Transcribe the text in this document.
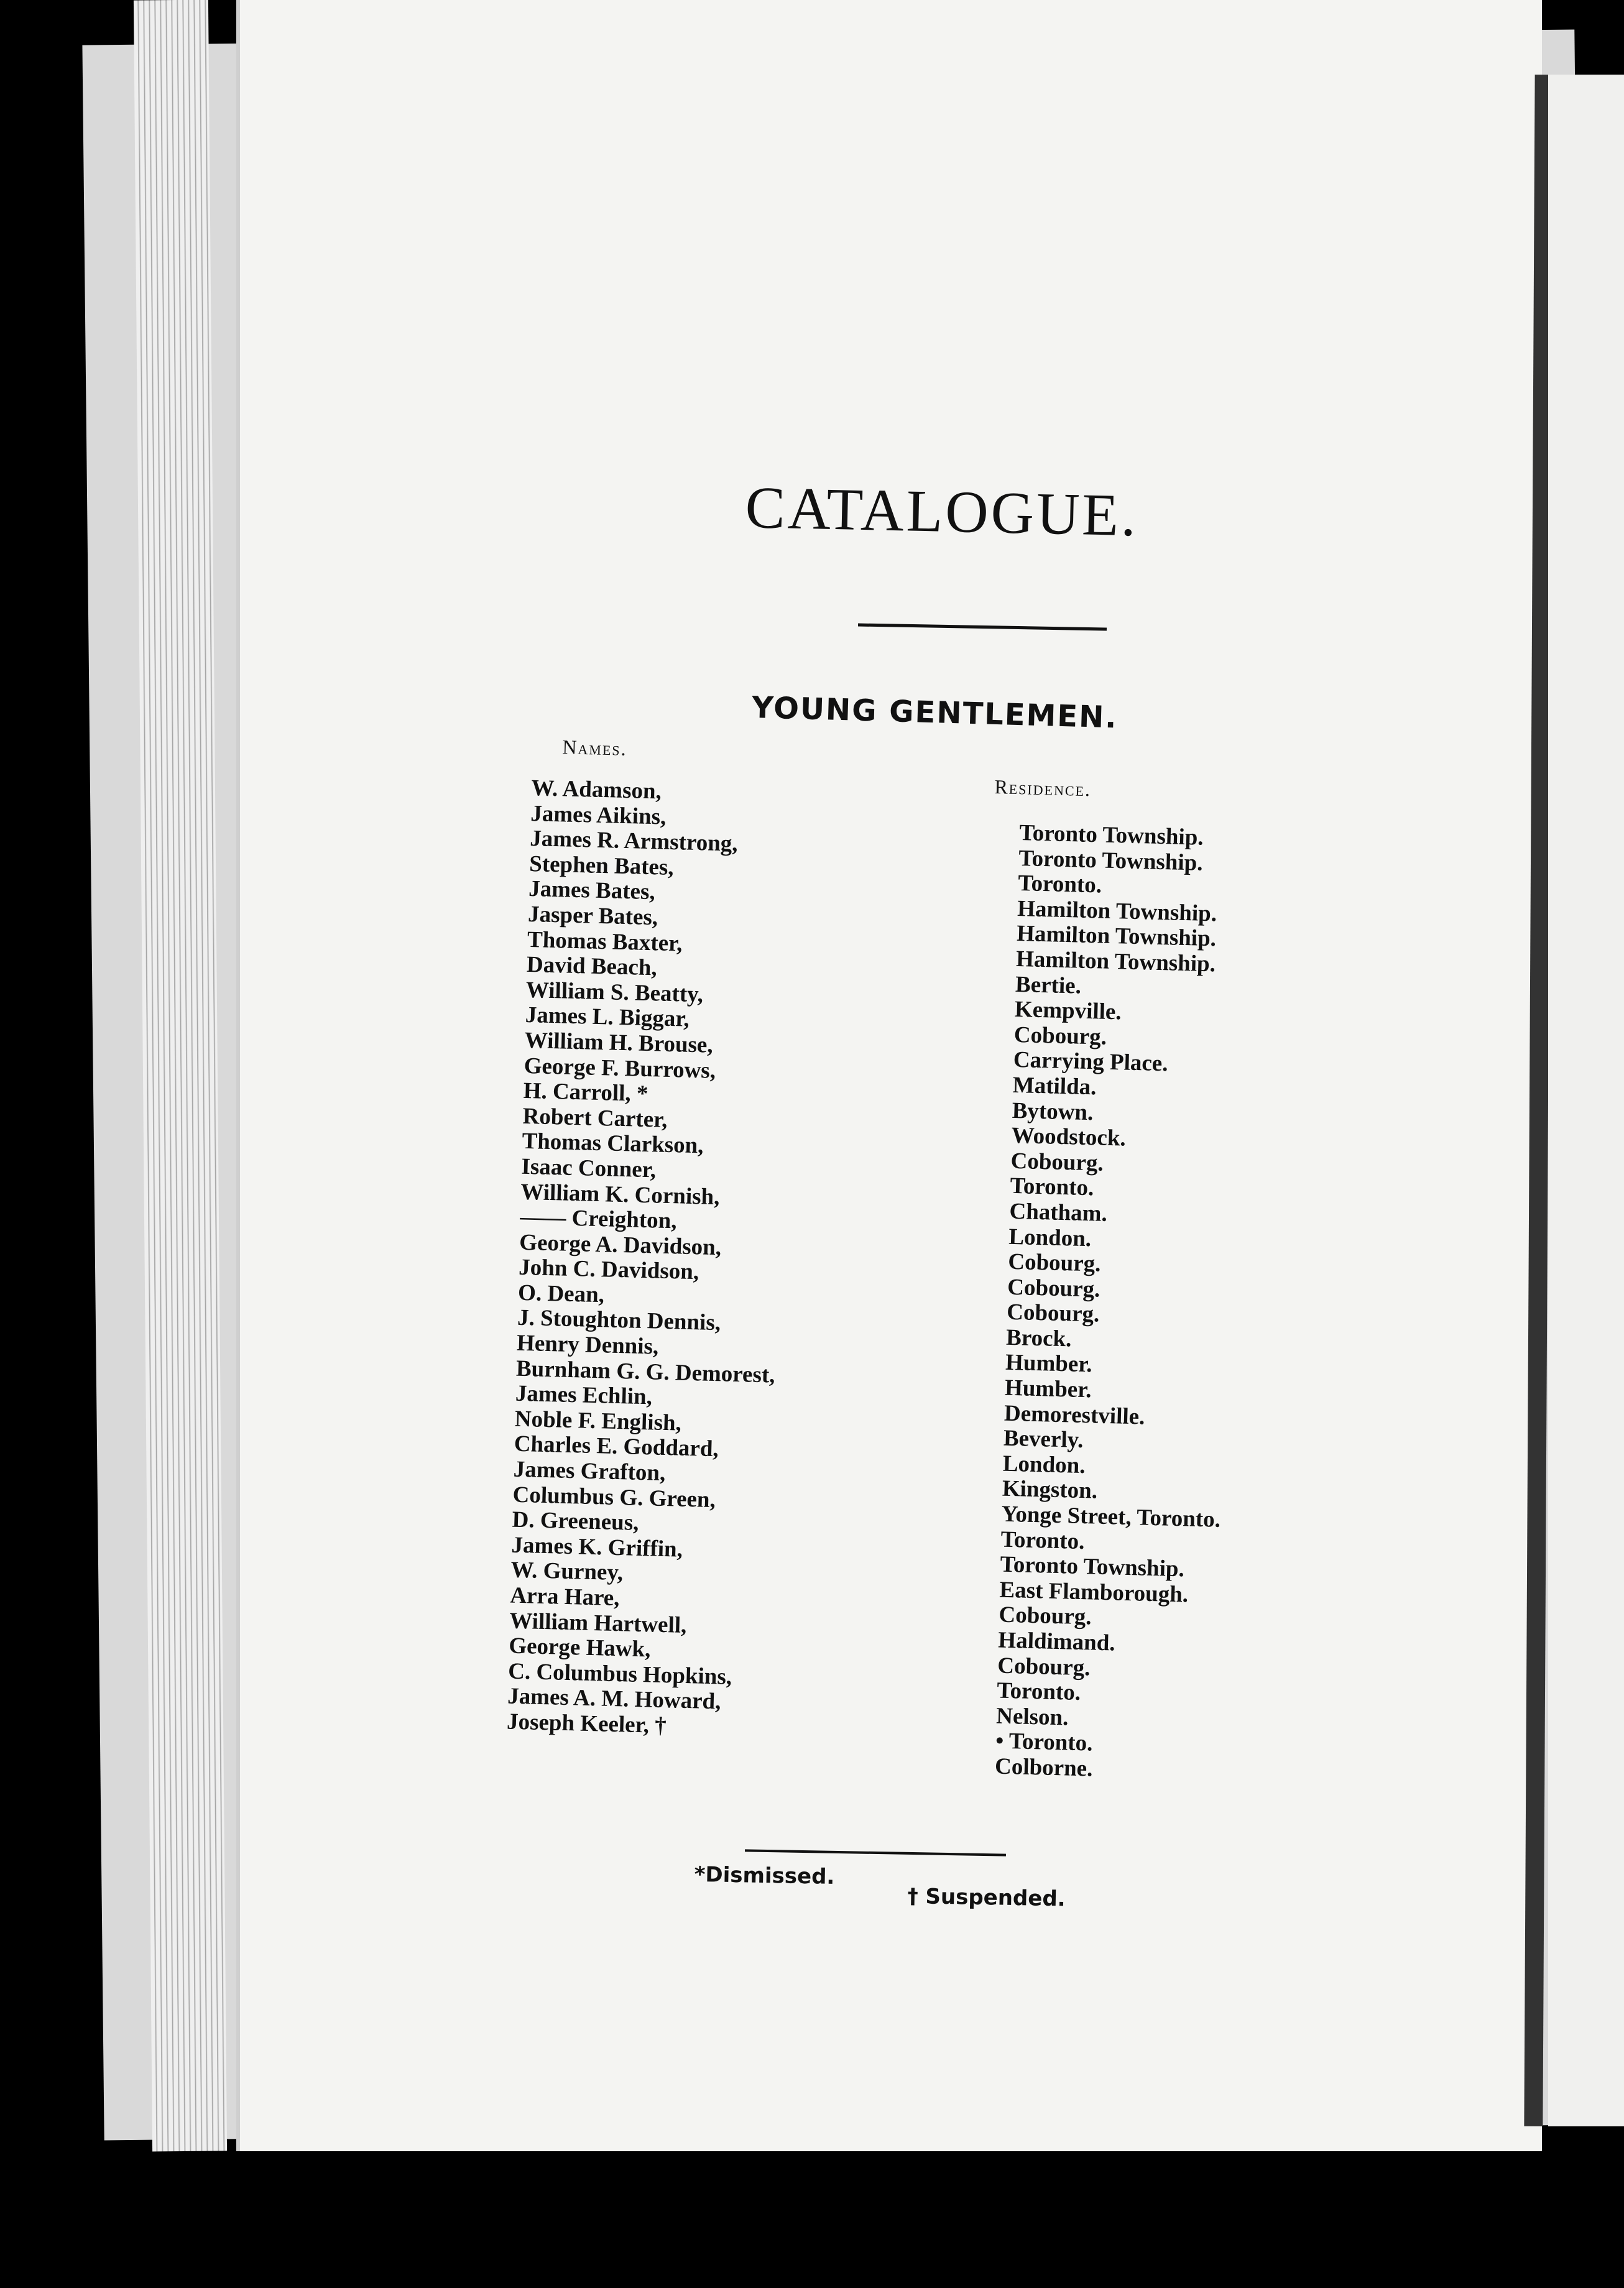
CATALOGUE.
YOUNG GENTLEMEN.
Names.
Residence.
W. Adamson,
James Aikins,
James R. Armstrong,
Stephen Bates,
James Bates,
Jasper Bates,
Thomas Baxter,
David Beach,
William S. Beatty,
James L. Biggar,
William H. Brouse,
George F. Burrows,
H. Carroll, *
Robert Carter,
Thomas Clarkson,
Isaac Conner,
William K. Cornish,
—— Creighton,
George A. Davidson,
John C. Davidson,
O. Dean,
J. Stoughton Dennis,
Henry Dennis,
Burnham G. G. Demorest,
James Echlin,
Noble F. English,
Charles E. Goddard,
James Grafton,
Columbus G. Green,
D. Greeneus,
James K. Griffin,
W. Gurney,
Arra Hare,
William Hartwell,
George Hawk,
C. Columbus Hopkins,
James A. M. Howard,
Joseph Keeler, †
Toronto Township.
Toronto Township.
Toronto.
Hamilton Township.
Hamilton Township.
Hamilton Township.
Bertie.
Kempville.
Cobourg.
Carrying Place.
Matilda.
Bytown.
Woodstock.
Cobourg.
Toronto.
Chatham.
London.
Cobourg.
Cobourg.
Cobourg.
Brock.
Humber.
Humber.
Demorestville.
Beverly.
London.
Kingston.
Yonge Street, Toronto.
Toronto.
Toronto Township.
East Flamborough.
Cobourg.
Haldimand.
Cobourg.
Toronto.
Nelson.
• Toronto.
Colborne.
*Dismissed.
† Suspended.
